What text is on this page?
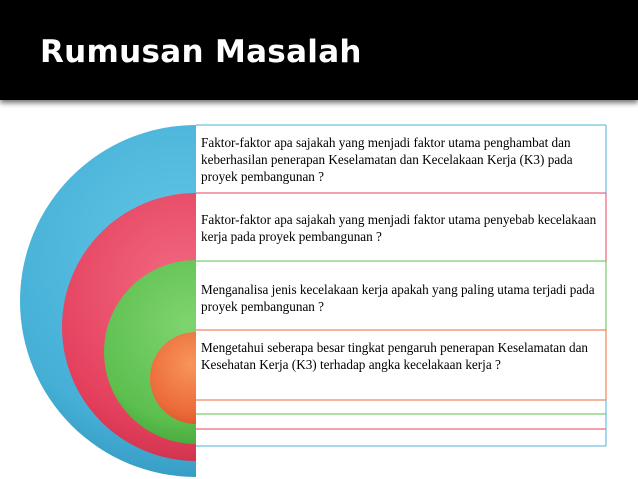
Rumusan Masalah
Faktor-faktor apa sajakah yang menjadi faktor utama penghambat dan keberhasilan penerapan Keselamatan dan Kecelakaan Kerja (K3) pada proyek pembangunan ?
Faktor-faktor apa sajakah yang menjadi faktor utama penyebab kecelakaan kerja pada proyek pembangunan ?
Menganalisa jenis kecelakaan kerja apakah yang paling utama terjadi pada proyek pembangunan ?
Mengetahui seberapa besar tingkat pengaruh penerapan Keselamatan dan Kesehatan Kerja (K3) terhadap angka kecelakaan kerja ?
